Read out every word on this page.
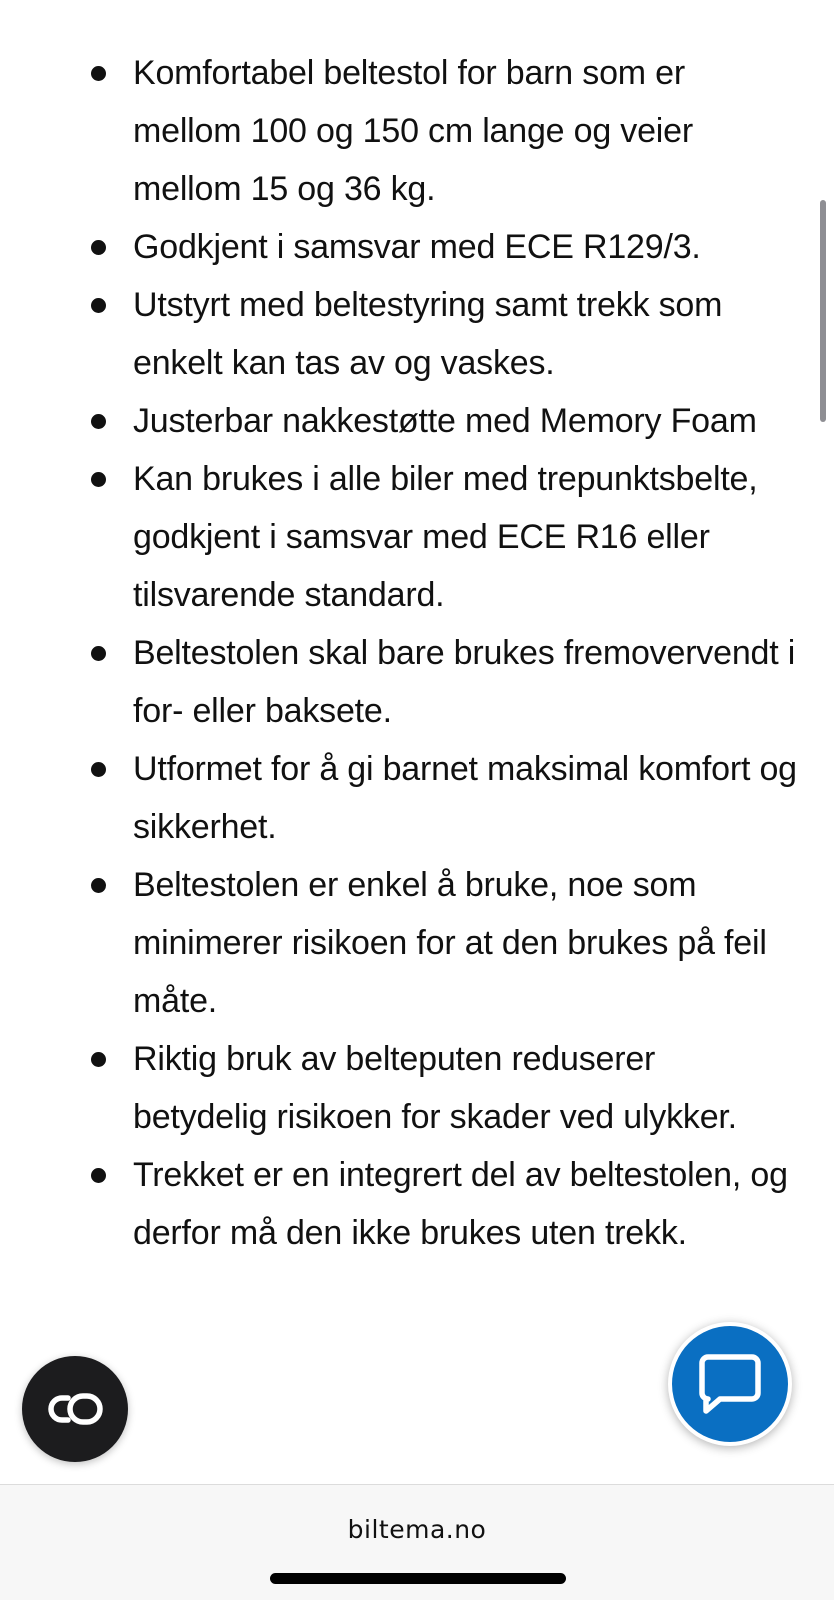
Komfortabel beltestol for barn som er mellom 100 og 150 cm lange og veier mellom 15 og 36 kg.
Godkjent i samsvar med ECE R129/3.
Utstyrt med beltestyring samt trekk som enkelt kan tas av og vaskes.
Justerbar nakkestøtte med Memory Foam
Kan brukes i alle biler med trepunktsbelte, godkjent i samsvar med ECE R16 eller tilsvarende standard.
Beltestolen skal bare brukes fremovervendt i for- eller baksete.
Utformet for å gi barnet maksimal komfort og sikkerhet.
Beltestolen er enkel å bruke, noe som minimerer risikoen for at den brukes på feil måte.
Riktig bruk av belteputen reduserer betydelig risikoen for skader ved ulykker.
Trekket er en integrert del av beltestolen, og derfor må den ikke brukes uten trekk.
biltema.no
